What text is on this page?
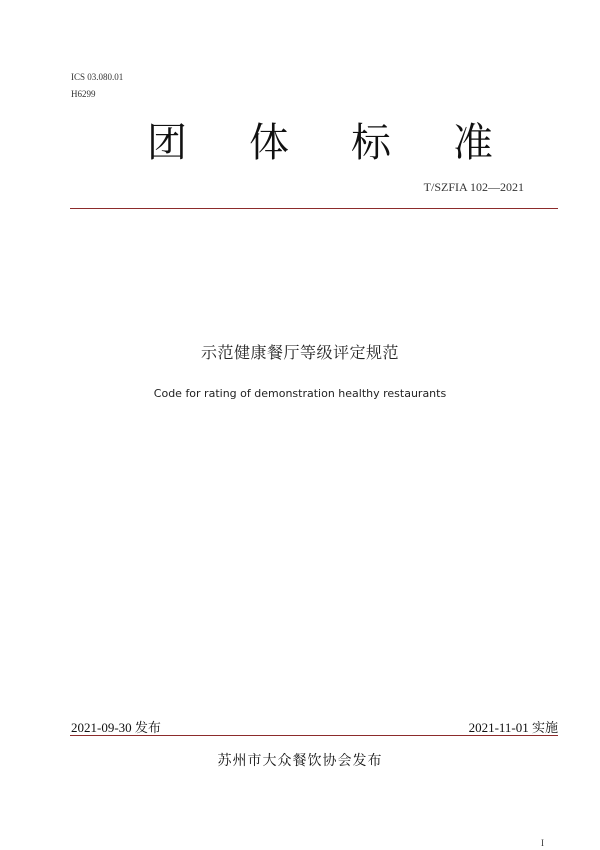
ICS 03.080.01
H6299
团 体 标 准
T/SZFIA 102—2021
示范健康餐厅等级评定规范
Code for rating of demonstration healthy restaurants
2021-09-30 发布	2021-11-01 实施
苏州市大众餐饮协会发布
I
